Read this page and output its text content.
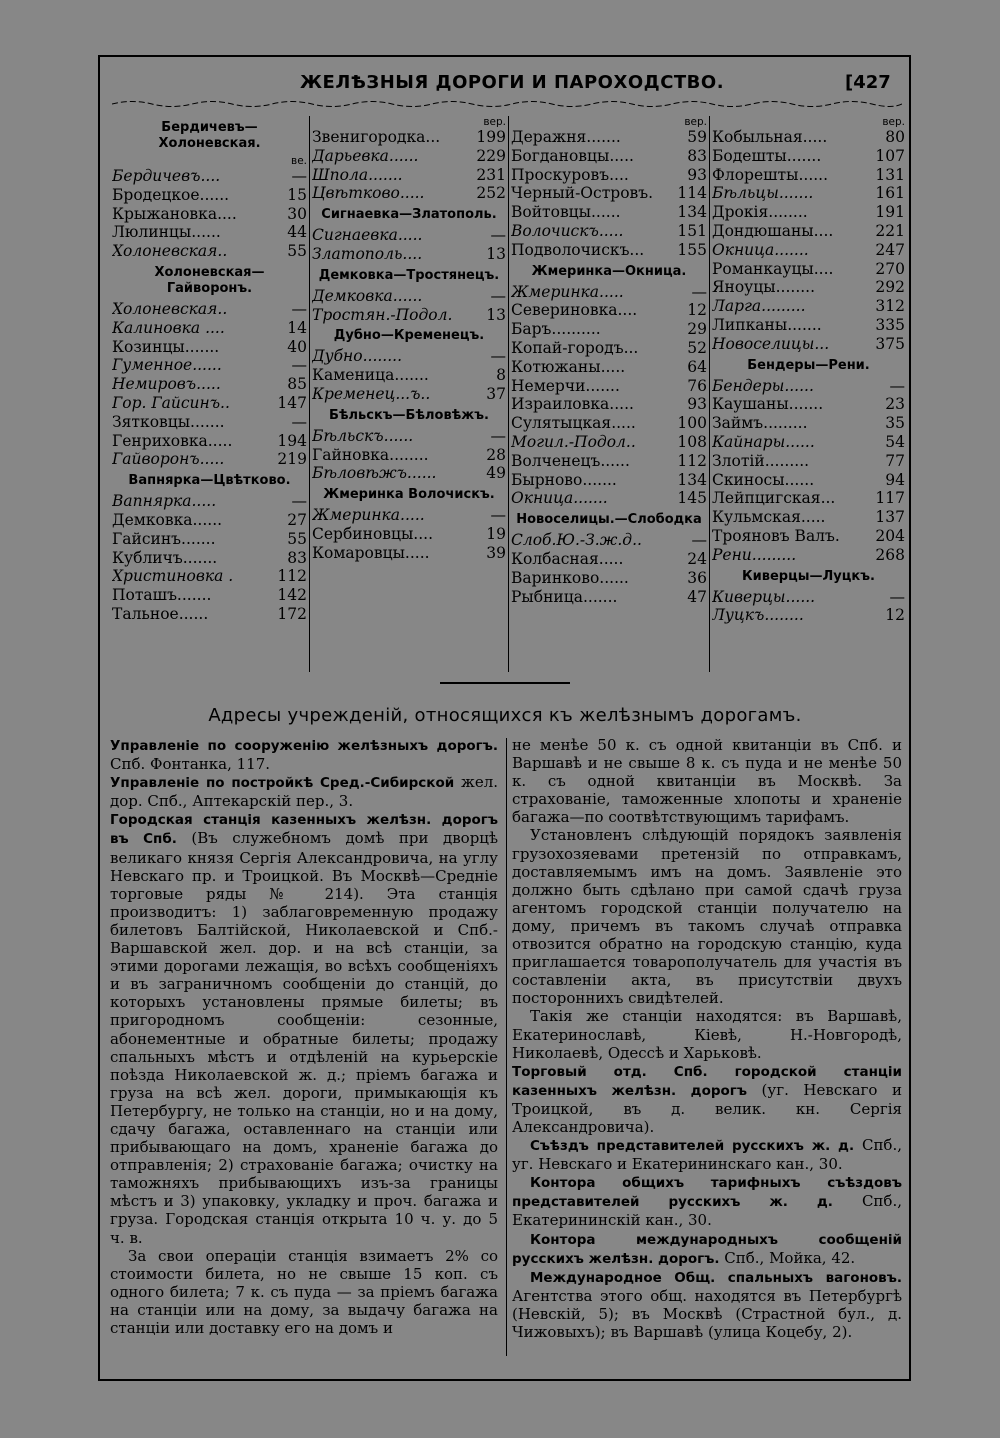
ЖЕЛѢЗНЫЯ ДОРОГИ И ПАРОХОДСТВО.	[427
Бердичевъ—Холоневская.
ве.
Бердичевъ....	—
Бродецкое......	15
Крыжановка....	30
Люлинцы......	44
Холоневская..	55
Холоневская—Гайворонъ.
Холоневская..	—
Калиновка ....	14
Козинцы.......	40
Гуменное......	—
Немировъ.....	85
Гор. Гайсинъ..	147
Зятковцы.......	—
Генриховка.....	194
Гайворонъ.....	219
Вапнярка—Цвѣтково.
Вапнярка.....	—
Демковка......	27
Гайсинъ.......	55
Кубличъ.......	83
Христиновка .	112
Поташъ.......	142
Тальное......	172
вер.
Звенигородка...	199
Дарьевка......	229
Шпола.......	231
Цвѣтково.....	252
Сигнаевка—Златополь.
Сигнаевка.....	—
Златополь....	13
Демковка—Тростянецъ.
Демковка......	—
Тростян.-Подол.	13
Дубно—Кременецъ.
Дубно........	—
Каменица.......	8
Кременец...ъ..	37
Бѣльскъ—Бѣловѣжъ.
Бѣльскъ......	—
Гайновка........	28
Бѣловѣжъ......	49
Жмеринка Волочискъ.
Жмеринка.....	—
Сербиновцы....	19
Комаровцы.....	39
вер.
Деражня.......	59
Богдановцы.....	83
Проскуровъ....	93
Черный-Островъ.	114
Войтовцы......	134
Волочискъ.....	151
Подволочискъ...	155
Жмеринка—Окница.
Жмеринка.....	—
Севериновка....	12
Баръ..........	29
Копай-городъ...	52
Котюжаны.....	64
Немерчи.......	76
Израиловка.....	93
Сулятыцкая.....	100
Могил.-Подол..	108
Волченецъ......	112
Бырново.......	134
Окница.......	145
Новоселицы.—Слободка
Слоб.Ю.-З.ж.д..	—
Колбасная.....	24
Варинково......	36
Рыбница.......	47
вер.
Кобыльная.....	80
Бодешты.......	107
Флорешты......	131
Бѣльцы.......	161
Дрокія........	191
Дондюшаны....	221
Окница.......	247
Романкауцы....	270
Яноуцы........	292
Ларга.........	312
Липканы.......	335
Новоселицы...	375
Бендеры—Рени.
Бендеры......	—
Каушаны.......	23
Займъ.........	35
Кайнары......	54
Злотій.........	77
Скиносы......	94
Лейпцигская...	117
Кульмская.....	137
Трояновъ Валъ.	204
Рени.........	268
Киверцы—Луцкъ.
Киверцы......	—
Луцкъ........	12
Адресы учрежденій, относящихся къ желѣзнымъ дорогамъ.

Управленіе по сооруженію желѣзныхъ дорогъ. Спб. Фонтанка, 117.

Управленіе по постройкѣ Сред.-Сибирской жел. дор. Спб., Аптекарскій пер., 3.

Городская станція казенныхъ желѣзн. дорогъ въ Спб. (Въ служебномъ домѣ при дворцѣ великаго князя Сергія Александровича, на углу Невскаго пр. и Троицкой. Въ Москвѣ—Средніе торговые ряды № 214). Эта станція производитъ: 1) заблаговременную продажу билетовъ Балтійской, Николаевской и Спб.-Варшавской жел. дор. и на всѣ станціи, за этими дорогами лежащія, во всѣхъ сообщеніяхъ и въ заграничномъ сообщеніи до станцій, до которыхъ установлены прямые билеты; въ пригородномъ сообщеніи: сезонные, абонементные и обратные билеты; продажу спальныхъ мѣстъ и отдѣленій на курьерскіе поѣзда Николаевской ж. д.; пріемъ багажа и груза на всѣ жел. дороги, примыкающія къ Петербургу, не только на станціи, но и на дому, сдачу багажа, оставленнаго на станціи или прибывающаго на домъ, храненіе багажа до отправленія; 2) страхованіе багажа; очистку на таможняхъ прибывающихъ изъ-за границы мѣстъ и 3) упаковку, укладку и проч. багажа и груза. Городская станція открыта 10 ч. у. до 5 ч. в.

За свои операціи станція взимаетъ 2% со стоимости билета, но не свыше 15 коп. съ одного билета; 7 к. съ пуда — за пріемъ багажа на станціи или на дому, за выдачу багажа на станціи или доставку его на домъ и

не менѣе 50 к. съ одной квитанціи въ Спб. и Варшавѣ и не свыше 8 к. съ пуда и не менѣе 50 к. съ одной квитанціи въ Москвѣ. За страхованіе, таможенные хлопоты и храненіе багажа—по соотвѣтствующимъ тарифамъ.

Установленъ слѣдующій порядокъ заявленія грузохозяевами претензій по отправкамъ, доставляемымъ имъ на домъ. Заявленіе это должно быть сдѣлано при самой сдачѣ груза агентомъ городской станціи получателю на дому, причемъ въ такомъ случаѣ отправка отвозится обратно на городскую станцію, куда приглашается товарополучатель для участія въ составленіи акта, въ присутствіи двухъ постороннихъ свидѣтелей.

Такія же станціи находятся: въ Варшавѣ, Екатеринославѣ, Кіевѣ, Н.-Новгородѣ, Николаевѣ, Одессѣ и Харьковѣ.

Торговый отд. Спб. городской станціи казенныхъ желѣзн. дорогъ (уг. Невскаго и Троицкой, въ д. велик. кн. Сергія Александровича).

Съѣздъ представителей русскихъ ж. д. Спб., уг. Невскаго и Екатерининскаго кан., 30.

Контора общихъ тарифныхъ съѣздовъ представителей русскихъ ж. д. Спб., Екатерининскій кан., 30.

Контора международныхъ сообщеній русскихъ желѣзн. дорогъ. Спб., Мойка, 42.

Международное Общ. спальныхъ вагоновъ. Агентства этого общ. находятся въ Петербургѣ (Невскій, 5); въ Москвѣ (Страстной бул., д. Чижовыхъ); въ Варшавѣ (улица Коцебу, 2).
